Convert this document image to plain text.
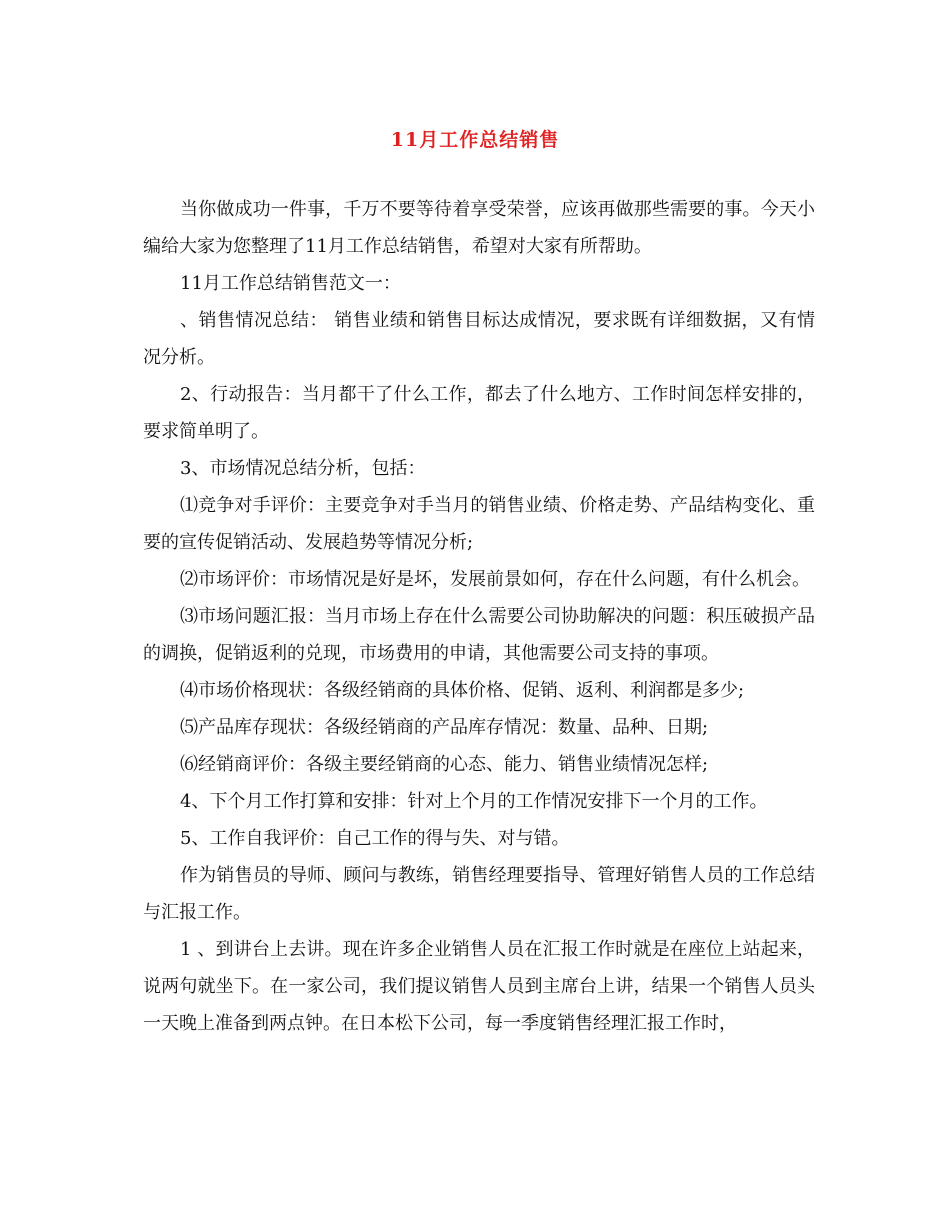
11月工作总结销售

当你做成功一件事，千万不要等待着享受荣誉，应该再做那些需要的事。今天小编给大家为您整理了11月工作总结销售，希望对大家有所帮助。

11月工作总结销售范文一：

、销售情况总结： 销售业绩和销售目标达成情况，要求既有详细数据，又有情况分析。

2、行动报告：当月都干了什么工作，都去了什么地方、工作时间怎样安排的，要求简单明了。

3、市场情况总结分析，包括：

⑴竞争对手评价：主要竞争对手当月的销售业绩、价格走势、产品结构变化、重要的宣传促销活动、发展趋势等情况分析;

⑵市场评价：市场情况是好是坏，发展前景如何，存在什么问题，有什么机会。

⑶市场问题汇报：当月市场上存在什么需要公司协助解决的问题：积压破损产品的调换，促销返利的兑现，市场费用的申请，其他需要公司支持的事项。

⑷市场价格现状：各级经销商的具体价格、促销、返利、利润都是多少;

⑸产品库存现状：各级经销商的产品库存情况：数量、品种、日期;

⑹经销商评价：各级主要经销商的心态、能力、销售业绩情况怎样;

4、下个月工作打算和安排：针对上个月的工作情况安排下一个月的工作。

5、工作自我评价：自己工作的得与失、对与错。

作为销售员的导师、顾问与教练，销售经理要指导、管理好销售人员的工作总结与汇报工作。

1 、到讲台上去讲。现在许多企业销售人员在汇报工作时就是在座位上站起来，说两句就坐下。在一家公司，我们提议销售人员到主席台上讲，结果一个销售人员头一天晚上准备到两点钟。在日本松下公司，每一季度销售经理汇报工作时，
